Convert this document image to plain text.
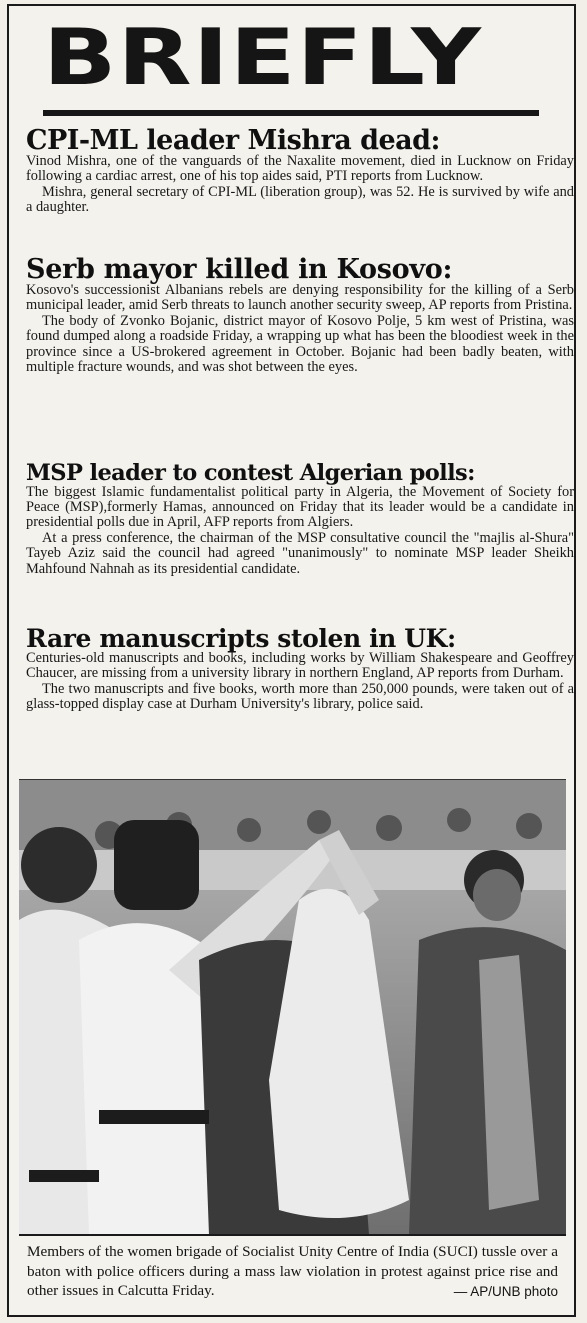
BRIEFLY
CPI-ML leader Mishra dead:

Vinod Mishra, one of the vanguards of the Naxalite movement, died in Lucknow on Friday following a cardiac arrest, one of his top aides said, PTI reports from Lucknow.

Mishra, general secretary of CPI-ML (liberation group), was 52. He is survived by wife and a daughter.

Serb mayor killed in Kosovo:

Kosovo's successionist Albanians rebels are denying responsibility for the killing of a Serb municipal leader, amid Serb threats to launch another security sweep, AP reports from Pristina.

The body of Zvonko Bojanic, district mayor of Kosovo Polje, 5 km west of Pristina, was found dumped along a roadside Friday, a wrapping up what has been the bloodiest week in the province since a US-brokered agreement in October. Bojanic had been badly beaten, with multiple fracture wounds, and was shot between the eyes.

MSP leader to contest Algerian polls:

The biggest Islamic fundamentalist political party in Algeria, the Movement of Society for Peace (MSP),formerly Hamas, announced on Friday that its leader would be a candidate in presidential polls due in April, AFP reports from Algiers.

At a press conference, the chairman of the MSP consultative council the "majlis al-Shura" Tayeb Aziz said the council had agreed "unanimously" to nominate MSP leader Sheikh Mahfound Nahnah as its presidential candidate.

Rare manuscripts stolen in UK:

Centuries-old manuscripts and books, including works by William Shakespeare and Geoffrey Chaucer, are missing from a university library in northern England, AP reports from Durham.

The two manuscripts and five books, worth more than 250,000 pounds, were taken out of a glass-topped display case at Durham University's library, police said.

Members of the women brigade of Socialist Unity Centre of India (SUCI) tussle over a baton with police officers during a mass law violation in protest against price rise and other issues in Calcutta Friday.	— AP/UNB photo
